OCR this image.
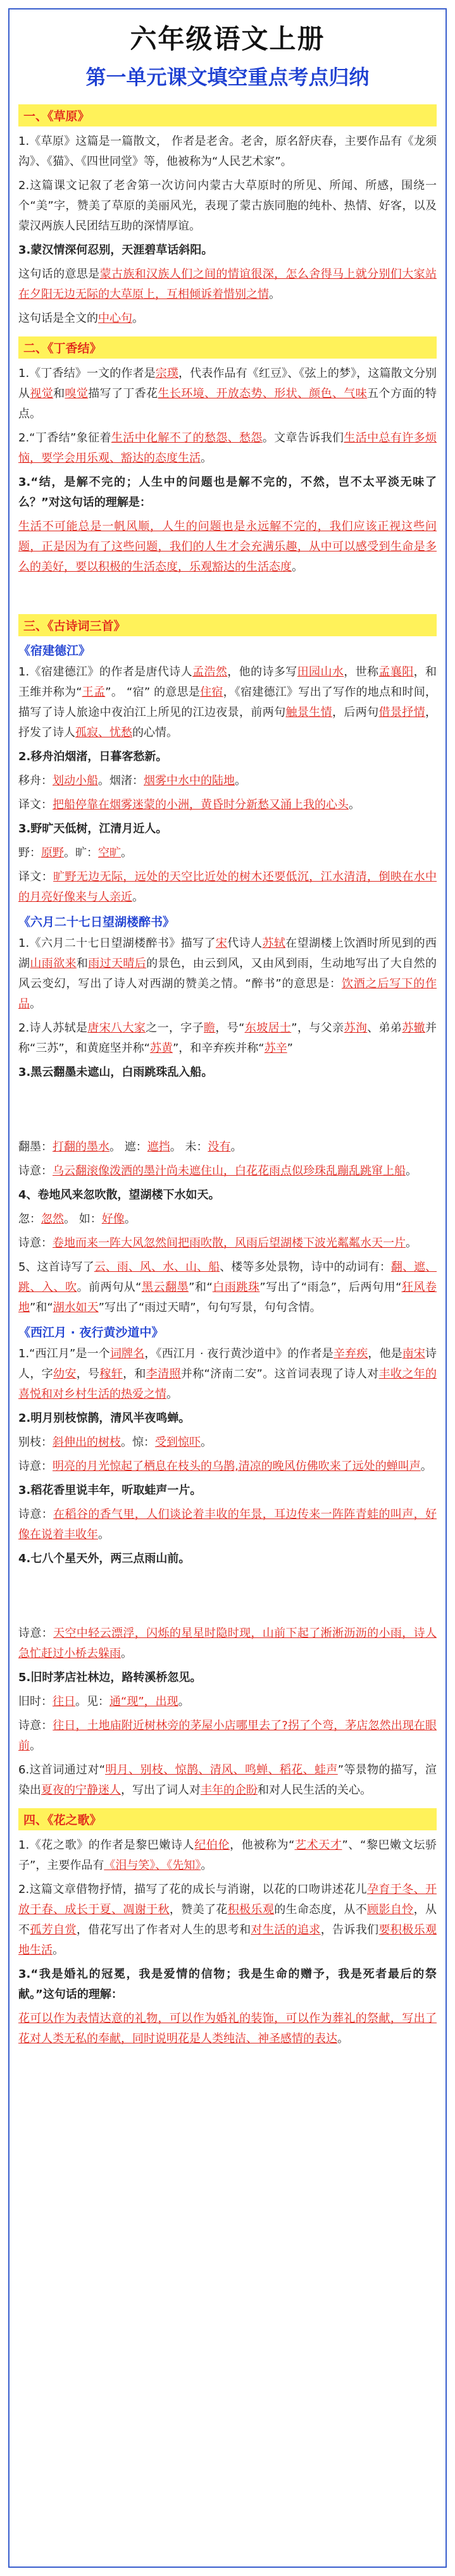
六年级语文上册
第一单元课文填空重点考点归纳
一、《草原》

1.《草原》这篇是一篇散文， 作者是老舍。老舍，原名舒庆春，主要作品有《龙须沟》、《猫》、《四世同堂》等，他被称为“人民艺术家”。

2.这篇课文记叙了老舍第一次访问内蒙古大草原时的所见、所闻、所感，围绕一个“美”字，赞美了草原的美丽风光，表现了蒙古族同胞的纯朴、热情、好客，以及蒙汉两族人民团结互助的深情厚谊。

3.蒙汉情深何忍别，天涯碧草话斜阳。

这句话的意思是蒙古族和汉族人们之间的情谊很深，怎么舍得马上就分别们大家站在夕阳无边无际的大草原上，互相倾诉着惜别之情。

这句话是全文的中心句。

二、《丁香结》

1.《丁香结》一文的作者是宗璞，代表作品有《红豆》、《弦上的梦》，这篇散文分别从视觉和嗅觉描写了丁香花生长环境、开放态势、形状、颜色、气味五个方面的特点。

2.“丁香结”象征着生活中化解不了的愁怨、愁怨。文章告诉我们生活中总有许多烦恼，要学会用乐观、豁达的态度生活。

3.“结，是解不完的；人生中的问题也是解不完的，不然，岂不太平淡无味了么？”对这句话的理解是：

生活不可能总是一帆风顺，人生的问题也是永远解不完的，我们应该正视这些问题，正是因为有了这些问题，我们的人生才会充满乐趣，从中可以感受到生命是多么的美好，要以积极的生活态度，乐观豁达的生活态度。

三、《古诗词三首》
《宿建德江》

1.《宿建德江》的作者是唐代诗人孟浩然，他的诗多写田园山水，世称孟襄阳，和王维并称为“王孟”。 “宿” 的意思是住宿，《宿建德江》写出了写作的地点和时间，描写了诗人旅途中夜泊江上所见的江边夜景，前两句触景生情，后两句借景抒情，抒发了诗人孤寂、忧愁的心情。

2.移舟泊烟渚，日暮客愁新。

移舟：划动小船。烟渚：烟雾中水中的陆地。

译文：把船停靠在烟雾迷蒙的小洲，黄昏时分新愁又涌上我的心头。

3.野旷天低树，江清月近人。

野：原野。旷：空旷。

译文：旷野无边无际，远处的天空比近处的树木还要低沉，江水清清，倒映在水中的月亮好像来与人亲近。

《六月二十七日望湖楼醉书》

1.《六月二十七日望湖楼醉书》描写了宋代诗人苏轼在望湖楼上饮酒时所见到的西湖山雨欲来和雨过天晴后的景色，由云到风，又由风到雨，生动地写出了大自然的风云变幻，写出了诗人对西湖的赞美之情。“醉书”的意思是：饮酒之后写下的作品。

2.诗人苏轼是唐宋八大家之一，字子瞻，号“东坡居士”，与父亲苏洵、弟弟苏辙并称“三苏”，和黄庭坚并称“苏黄”，和辛弃疾并称“苏辛”

3.黑云翻墨未遮山，白雨跳珠乱入船。

翻墨：打翻的墨水。 遮：遮挡。 未：没有。

诗意：乌云翻滚像泼洒的墨汁尚未遮住山，白花花雨点似珍珠乱蹦乱跳窜上船。

4、卷地风来忽吹散，望湖楼下水如天。

忽：忽然。 如：好像。

诗意：卷地而来一阵大风忽然间把雨吹散，风雨后望湖楼下波光粼粼水天一片。

5、这首诗写了云、雨、风、水、山、船、楼等多处景物，诗中的动词有：翻、遮、跳、入、吹。前两句从“黑云翻墨”和“白雨跳珠”写出了“雨急”，后两句用“狂风卷地”和“湖水如天”写出了“雨过天晴”，句句写景，句句含情。

《西江月 · 夜行黄沙道中》

1.“西江月”是一个词牌名，《西江月 · 夜行黄沙道中》的作者是辛弃疾，他是南宋诗人，字幼安，号稼轩，和李清照并称“济南二安”。这首词表现了诗人对丰收之年的喜悦和对乡村生活的热爱之情。

2.明月别枝惊鹊，清风半夜鸣蝉。

别枝：斜伸出的树枝。惊：受到惊吓。

诗意：明亮的月光惊起了栖息在枝头的乌鹊,清凉的晚风仿佛吹来了远处的蝉叫声。

3.稻花香里说丰年，听取蛙声一片。

诗意：在稻谷的香气里，人们谈论着丰收的年景，耳边传来一阵阵青蛙的叫声，好像在说着丰收年。

4.七八个星天外，两三点雨山前。

诗意：天空中轻云漂浮，闪烁的星星时隐时现，山前下起了淅淅沥沥的小雨，诗人急忙赶过小桥去躲雨。

5.旧时茅店社林边，路转溪桥忽见。

旧时：往日。见：通“现”，出现。

诗意：往日，土地庙附近树林旁的茅屋小店哪里去了?拐了个弯，茅店忽然出现在眼前。

6.这首词通过对“明月、别枝、惊鹊、清风、鸣蝉、稻花、蛙声”等景物的描写，渲染出夏夜的宁静迷人，写出了词人对丰年的企盼和对人民生活的关心。

四、《花之歌》

1.《花之歌》的作者是黎巴嫩诗人纪伯伦，他被称为“艺术天才”、“黎巴嫩文坛骄子”，主要作品有《泪与笑》、《先知》。

2.这篇文章借物抒情，描写了花的成长与消谢，以花的口吻讲述花儿孕育于冬、开放于春、成长于夏、凋谢于秋，赞美了花积极乐观的生命态度，从不顾影自怜，从不孤芳自赏，借花写出了作者对人生的思考和对生活的追求，告诉我们要积极乐观地生活。

3.“我是婚礼的冠冕，我是爱情的信物；我是生命的赠予，我是死者最后的祭献。”这句话的理解：

花可以作为表情达意的礼物，可以作为婚礼的装饰，可以作为葬礼的祭献，写出了花对人类无私的奉献，同时说明花是人类纯洁、神圣感情的表达。
